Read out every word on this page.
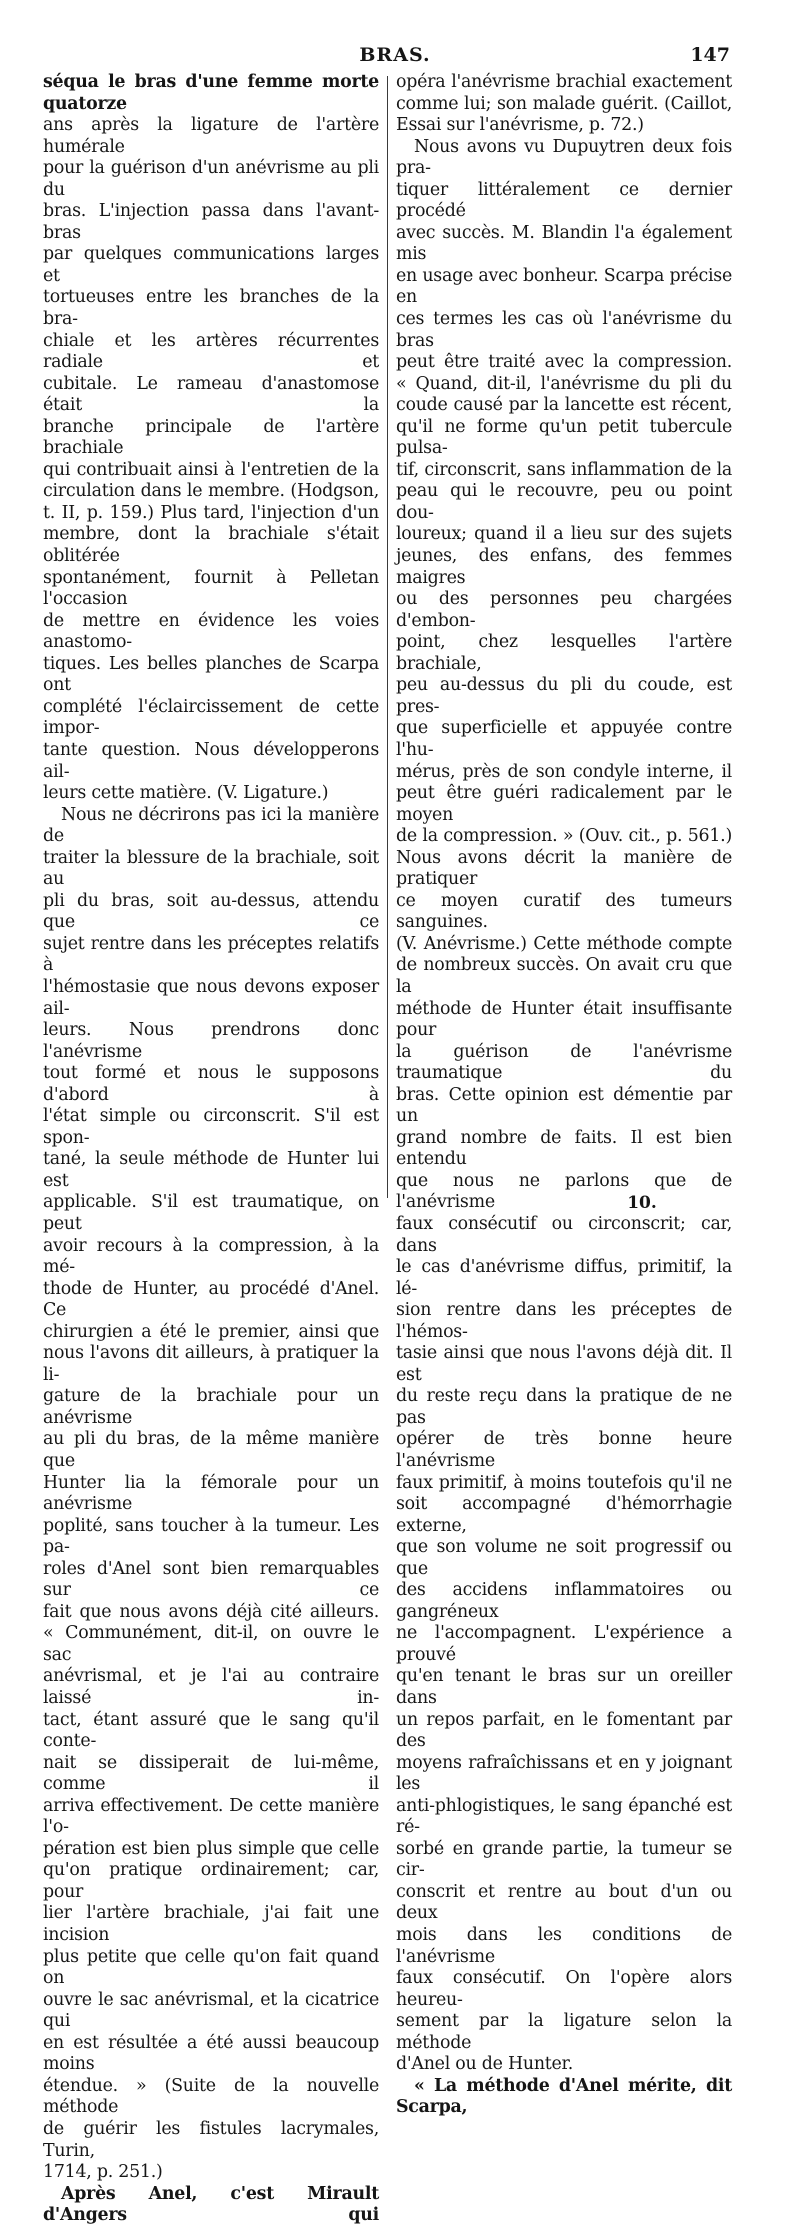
BRAS.	147

séqua le bras d'une femme morte quatorze

ans après la ligature de l'artère humérale

pour la guérison d'un anévrisme au pli du

bras. L'injection passa dans l'avant-bras

par quelques communications larges et

tortueuses entre les branches de la bra-

chiale et les artères récurrentes radiale et

cubitale. Le rameau d'anastomose était la

branche principale de l'artère brachiale

qui contribuait ainsi à l'entretien de la

circulation dans le membre. (Hodgson,

t. II, p. 159.) Plus tard, l'injection d'un

membre, dont la brachiale s'était oblitérée

spontanément, fournit à Pelletan l'occasion

de mettre en évidence les voies anastomo-

tiques. Les belles planches de Scarpa ont

complété l'éclaircissement de cette impor-

tante question. Nous développerons ail-

leurs cette matière. (V. Ligature.)

Nous ne décrirons pas ici la manière de

traiter la blessure de la brachiale, soit au

pli du bras, soit au-dessus, attendu que ce

sujet rentre dans les préceptes relatifs à

l'hémostasie que nous devons exposer ail-

leurs. Nous prendrons donc l'anévrisme

tout formé et nous le supposons d'abord à

l'état simple ou circonscrit. S'il est spon-

tané, la seule méthode de Hunter lui est

applicable. S'il est traumatique, on peut

avoir recours à la compression, à la mé-

thode de Hunter, au procédé d'Anel. Ce

chirurgien a été le premier, ainsi que

nous l'avons dit ailleurs, à pratiquer la li-

gature de la brachiale pour un anévrisme

au pli du bras, de la même manière que

Hunter lia la fémorale pour un anévrisme

poplité, sans toucher à la tumeur. Les pa-

roles d'Anel sont bien remarquables sur ce

fait que nous avons déjà cité ailleurs.

« Communément, dit-il, on ouvre le sac

anévrismal, et je l'ai au contraire laissé in-

tact, étant assuré que le sang qu'il conte-

nait se dissiperait de lui-même, comme il

arriva effectivement. De cette manière l'o-

pération est bien plus simple que celle

qu'on pratique ordinairement; car, pour

lier l'artère brachiale, j'ai fait une incision

plus petite que celle qu'on fait quand on

ouvre le sac anévrismal, et la cicatrice qui

en est résultée a été aussi beaucoup moins

étendue. » (Suite de la nouvelle méthode

de guérir les fistules lacrymales, Turin,

1714, p. 251.)

Après Anel, c'est Mirault d'Angers qui

opéra l'anévrisme brachial exactement

comme lui; son malade guérit. (Caillot,

Essai sur l'anévrisme, p. 72.)

Nous avons vu Dupuytren deux fois pra-

tiquer littéralement ce dernier procédé

avec succès. M. Blandin l'a également mis

en usage avec bonheur. Scarpa précise en

ces termes les cas où l'anévrisme du bras

peut être traité avec la compression.

« Quand, dit-il, l'anévrisme du pli du

coude causé par la lancette est récent,

qu'il ne forme qu'un petit tubercule pulsa-

tif, circonscrit, sans inflammation de la

peau qui le recouvre, peu ou point dou-

loureux; quand il a lieu sur des sujets

jeunes, des enfans, des femmes maigres

ou des personnes peu chargées d'embon-

point, chez lesquelles l'artère brachiale,

peu au-dessus du pli du coude, est pres-

que superficielle et appuyée contre l'hu-

mérus, près de son condyle interne, il

peut être guéri radicalement par le moyen

de la compression. » (Ouv. cit., p. 561.)

Nous avons décrit la manière de pratiquer

ce moyen curatif des tumeurs sanguines.

(V. Anévrisme.) Cette méthode compte

de nombreux succès. On avait cru que la

méthode de Hunter était insuffisante pour

la guérison de l'anévrisme traumatique du

bras. Cette opinion est démentie par un

grand nombre de faits. Il est bien entendu

que nous ne parlons que de l'anévrisme

faux consécutif ou circonscrit; car, dans

le cas d'anévrisme diffus, primitif, la lé-

sion rentre dans les préceptes de l'hémos-

tasie ainsi que nous l'avons déjà dit. Il est

du reste reçu dans la pratique de ne pas

opérer de très bonne heure l'anévrisme

faux primitif, à moins toutefois qu'il ne

soit accompagné d'hémorrhagie externe,

que son volume ne soit progressif ou que

des accidens inflammatoires ou gangréneux

ne l'accompagnent. L'expérience a prouvé

qu'en tenant le bras sur un oreiller dans

un repos parfait, en le fomentant par des

moyens rafraîchissans et en y joignant les

anti-phlogistiques, le sang épanché est ré-

sorbé en grande partie, la tumeur se cir-

conscrit et rentre au bout d'un ou deux

mois dans les conditions de l'anévrisme

faux consécutif. On l'opère alors heureu-

sement par la ligature selon la méthode

d'Anel ou de Hunter.

« La méthode d'Anel mérite, dit Scarpa,

10.
